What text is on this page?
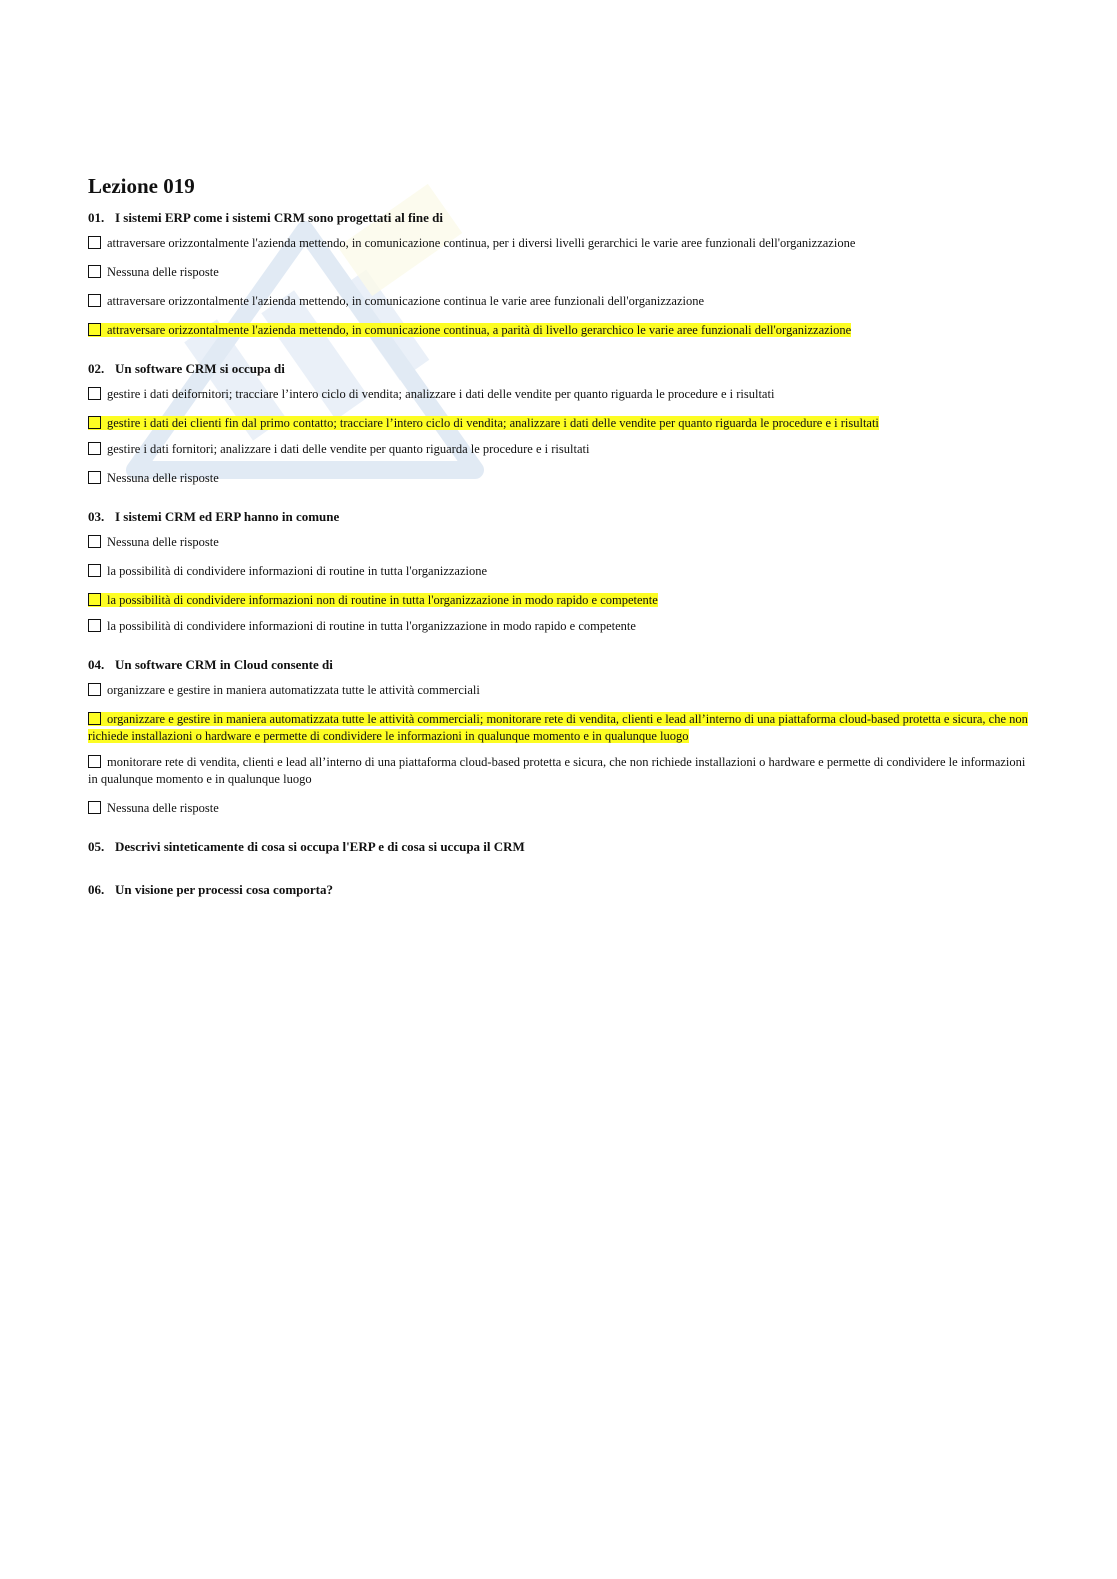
Lezione 019
01. I sistemi ERP come i sistemi CRM sono progettati al fine di
attraversare orizzontalmente l'azienda mettendo, in comunicazione continua, per i diversi livelli gerarchici le varie aree funzionali dell'organizzazione
Nessuna delle risposte
attraversare orizzontalmente l'azienda mettendo, in comunicazione continua le varie aree funzionali dell'organizzazione
attraversare orizzontalmente l'azienda mettendo, in comunicazione continua, a parità di livello gerarchico le varie aree funzionali dell'organizzazione
02. Un software CRM si occupa di
gestire i dati deifornitori; tracciare l’intero ciclo di vendita; analizzare i dati delle vendite per quanto riguarda le procedure e i risultati
gestire i dati dei clienti fin dal primo contatto; tracciare l’intero ciclo di vendita; analizzare i dati delle vendite per quanto riguarda le procedure e i risultati
gestire i dati fornitori; analizzare i dati delle vendite per quanto riguarda le procedure e i risultati
Nessuna delle risposte
03. I sistemi CRM ed ERP hanno in comune
Nessuna delle risposte
la possibilità di condividere informazioni di routine in tutta l'organizzazione
la possibilità di condividere informazioni non di routine in tutta l'organizzazione in modo rapido e competente
la possibilità di condividere informazioni di routine in tutta l'organizzazione in modo rapido e competente
04. Un software CRM in Cloud consente di
organizzare e gestire in maniera automatizzata tutte le attività commerciali
organizzare e gestire in maniera automatizzata tutte le attività commerciali; monitorare rete di vendita, clienti e lead all’interno di una piattaforma cloud-based protetta e sicura, che non richiede installazioni o hardware e permette di condividere le informazioni in qualunque momento e in qualunque luogo
monitorare rete di vendita, clienti e lead all’interno di una piattaforma cloud-based protetta e sicura, che non richiede installazioni o hardware e permette di condividere le informazioni in qualunque momento e in qualunque luogo
Nessuna delle risposte
05. Descrivi sinteticamente di cosa si occupa l'ERP e di cosa si uccupa il CRM
06. Un visione per processi cosa comporta?
